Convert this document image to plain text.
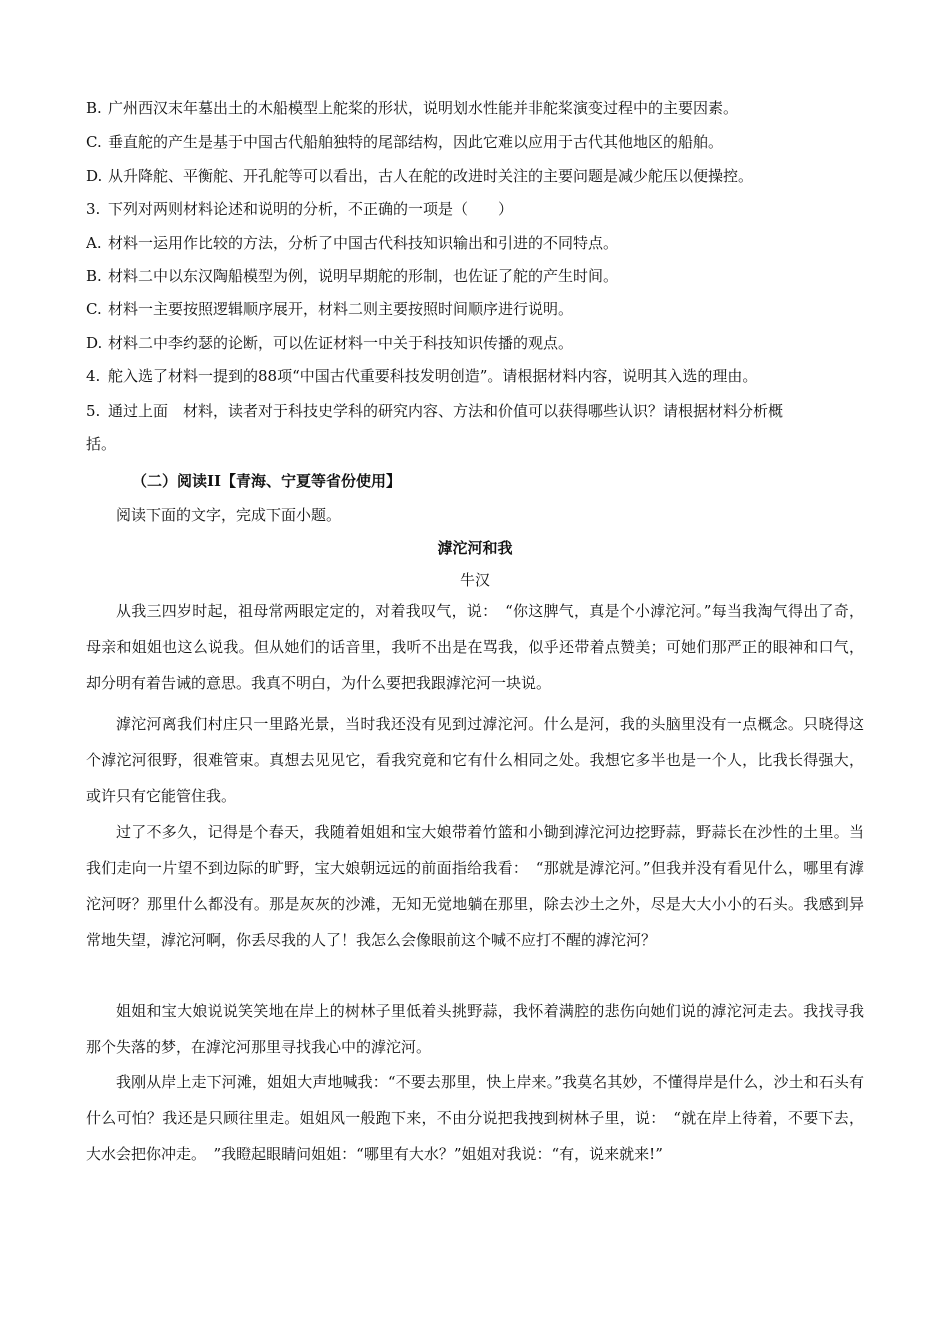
B. 广州西汉末年墓出土的木船模型上舵桨的形状，说明划水性能并非舵桨演变过程中的主要因素。
C. 垂直舵的产生是基于中国古代船舶独特的尾部结构，因此它难以应用于古代其他地区的船舶。
D. 从升降舵、平衡舵、开孔舵等可以看出，古人在舵的改进时关注的主要问题是减少舵压以便操控。
3. 下列对两则材料论述和说明的分析，不正确的一项是（　　）
A. 材料一运用作比较的方法，分析了中国古代科技知识输出和引进的不同特点。
B. 材料二中以东汉陶船模型为例，说明早期舵的形制，也佐证了舵的产生时间。
C. 材料一主要按照逻辑顺序展开，材料二则主要按照时间顺序进行说明。
D. 材料二中李约瑟的论断，可以佐证材料一中关于科技知识传播的观点。
4. 舵入选了材料一提到的88项“中国古代重要科技发明创造”。请根据材料内容，说明其入选的理由。
5. 通过上面　材料，读者对于科技史学科的研究内容、方法和价值可以获得哪些认识？请根据材料分析概
括。
（二）阅读II【青海、宁夏等省份使用】
阅读下面的文字，完成下面小题。
滹沱河和我
牛汉

从我三四岁时起，祖母常两眼定定的，对着我叹气，说：　“你这脾气，真是个小滹沱河。”每当我淘气得出了奇，母亲和姐姐也这么说我。但从她们的话音里，我听不出是在骂我，似乎还带着点赞美；可她们那严正的眼神和口气，却分明有着告诫的意思。我真不明白，为什么要把我跟滹沱河一块说。

滹沱河离我们村庄只一里路光景，当时我还没有见到过滹沱河。什么是河，我的头脑里没有一点概念。只晓得这个滹沱河很野，很难管束。真想去见见它，看我究竟和它有什么相同之处。我想它多半也是一个人，比我长得强大，或许只有它能管住我。

过了不多久，记得是个春天，我随着姐姐和宝大娘带着竹篮和小锄到滹沱河边挖野蒜，野蒜长在沙性的土里。当我们走向一片望不到边际的旷野，宝大娘朝远远的前面指给我看：　“那就是滹沱河。”但我并没有看见什么，哪里有滹沱河呀？那里什么都没有。那是灰灰的沙滩，无知无觉地躺在那里，除去沙土之外，尽是大大小小的石头。我感到异常地失望，滹沱河啊，你丢尽我的人了！我怎么会像眼前这个喊不应打不醒的滹沱河？

姐姐和宝大娘说说笑笑地在岸上的树林子里低着头挑野蒜，我怀着满腔的悲伤向她们说的滹沱河走去。我找寻我那个失落的梦，在滹沱河那里寻找我心中的滹沱河。

我刚从岸上走下河滩，姐姐大声地喊我：“不要去那里，快上岸来。”我莫名其妙，不懂得岸是什么，沙土和石头有什么可怕？我还是只顾往里走。姐姐风一般跑下来，不由分说把我拽到树林子里，说：　“就在岸上待着，不要下去，大水会把你冲走。　”我瞪起眼睛问姐姐：“哪里有大水？”姐姐对我说：“有，说来就来!”
